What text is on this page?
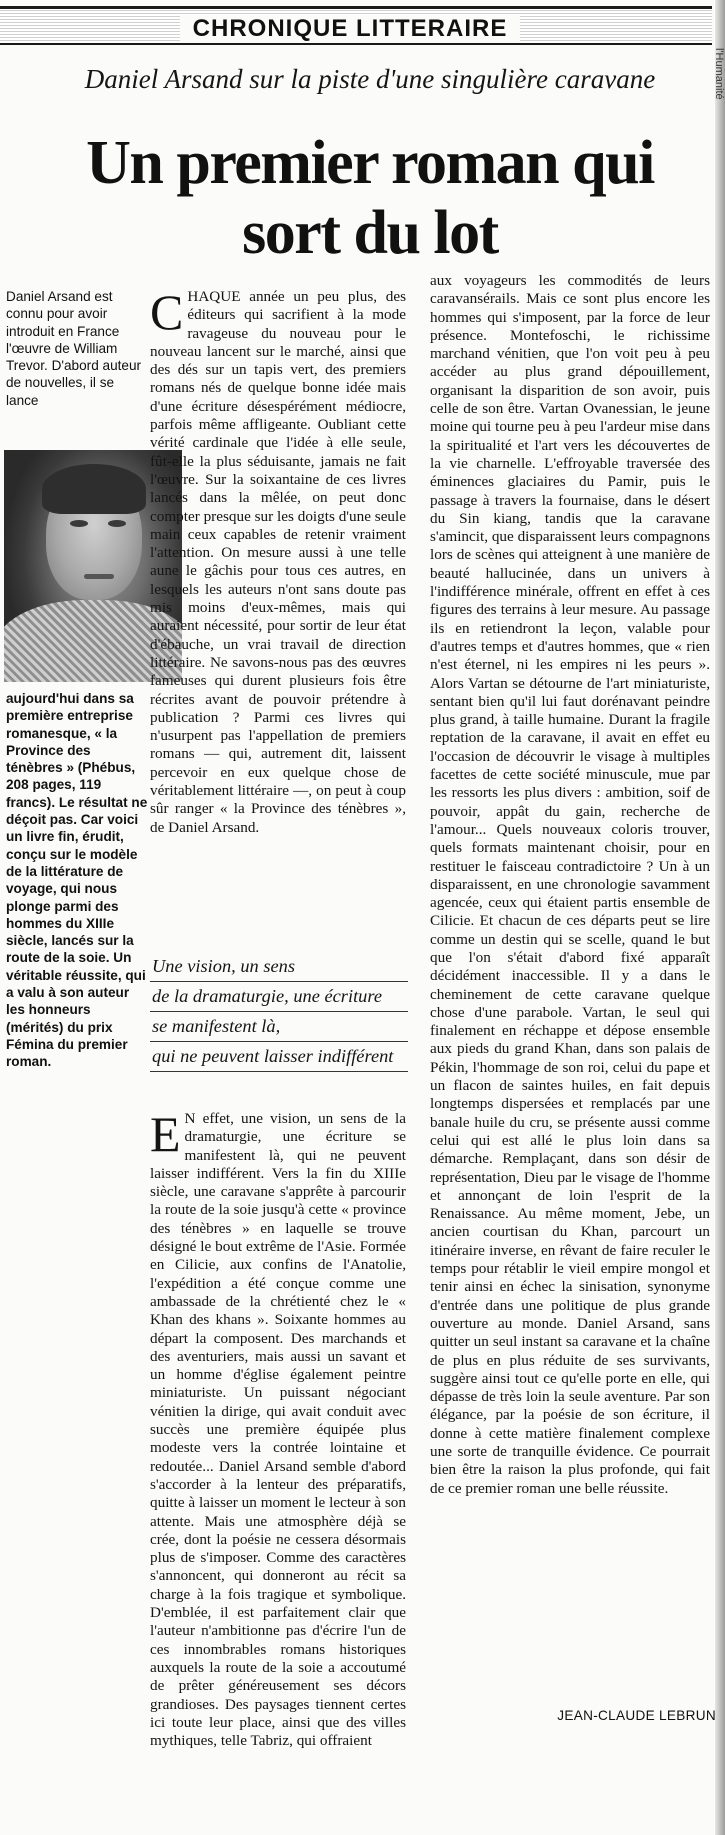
CHRONIQUE LITTERAIRE
l'Humanité
Daniel Arsand sur la piste d'une singulière caravane
Un premier roman qui sort du lot
Daniel Arsand est connu pour avoir introduit en France l'œuvre de William Trevor. D'abord auteur de nouvelles, il se lance
aujourd'hui dans sa première entreprise romanesque, « la Province des ténèbres » (Phébus, 208 pages, 119 francs). Le résultat ne déçoit pas. Car voici un livre fin, érudit, conçu sur le modèle de la littérature de voyage, qui nous plonge parmi des hommes du XIIIe siècle, lancés sur la route de la soie. Un véritable réussite, qui a valu à son auteur les honneurs (mérités) du prix Fémina du premier roman.
C HAQUE année un peu plus, des éditeurs qui sacrifient à la mode ravageuse du nouveau pour le nouveau lancent sur le marché, ainsi que des dés sur un tapis vert, des premiers romans nés de quelque bonne idée mais d'une écriture désespérément médiocre, parfois même affligeante. Oubliant cette vérité cardinale que l'idée à elle seule, fût-elle la plus séduisante, jamais ne fait l'œuvre. Sur la soixantaine de ces livres lancés dans la mêlée, on peut donc compter presque sur les doigts d'une seule main ceux capables de retenir vraiment l'attention. On mesure aussi à une telle aune le gâchis pour tous ces autres, en lesquels les auteurs n'ont sans doute pas mis moins d'eux-mêmes, mais qui auraient nécessité, pour sortir de leur état d'ébauche, un vrai travail de direction littéraire. Ne savons-nous pas des œuvres fameuses qui durent plusieurs fois être récrites avant de pouvoir prétendre à publication ? Parmi ces livres qui n'usurpent pas l'appellation de premiers romans — qui, autrement dit, laissent percevoir en eux quelque chose de véritablement littéraire —, on peut à coup sûr ranger « la Province des ténèbres », de Daniel Arsand.

Une vision, un sens
de la dramaturgie, une écriture
se manifestent là,
qui ne peuvent laisser indifférent
E N effet, une vision, un sens de la dramaturgie, une écriture se manifestent là, qui ne peuvent laisser indifférent. Vers la fin du XIIIe siècle, une caravane s'apprête à parcourir la route de la soie jusqu'à cette « province des ténèbres » en laquelle se trouve désigné le bout extrême de l'Asie. Formée en Cilicie, aux confins de l'Anatolie, l'expédition a été conçue comme une ambassade de la chrétienté chez le « Khan des khans ». Soixante hommes au départ la composent. Des marchands et des aventuriers, mais aussi un savant et un homme d'église également peintre miniaturiste. Un puissant négociant vénitien la dirige, qui avait conduit avec succès une première équipée plus modeste vers la contrée lointaine et redoutée... Daniel Arsand semble d'abord s'accorder à la lenteur des préparatifs, quitte à laisser un moment le lecteur à son attente. Mais une atmosphère déjà se crée, dont la poésie ne cessera désormais plus de s'imposer. Comme des caractères s'annoncent, qui donneront au récit sa charge à la fois tragique et symbolique. D'emblée, il est parfaitement clair que l'auteur n'ambitionne pas d'écrire l'un de ces innombrables romans historiques auxquels la route de la soie a accoutumé de prêter généreusement ses décors grandioses. Des paysages tiennent certes ici toute leur place, ainsi que des villes mythiques, telle Tabriz, qui offraient

aux voyageurs les commodités de leurs caravansérails. Mais ce sont plus encore les hommes qui s'imposent, par la force de leur présence. Montefoschi, le richissime marchand vénitien, que l'on voit peu à peu accéder au plus grand dépouillement, organisant la disparition de son avoir, puis celle de son être. Vartan Ovanessian, le jeune moine qui tourne peu à peu l'ardeur mise dans la spiritualité et l'art vers les découvertes de la vie charnelle. L'effroyable traversée des éminences glaciaires du Pamir, puis le passage à travers la fournaise, dans le désert du Sin kiang, tandis que la caravane s'amincit, que disparaissent leurs compagnons lors de scènes qui atteignent à une manière de beauté hallucinée, dans un univers à l'indifférence minérale, offrent en effet à ces figures des terrains à leur mesure. Au passage ils en retiendront la leçon, valable pour d'autres temps et d'autres hommes, que « rien n'est éternel, ni les empires ni les peurs ». Alors Vartan se détourne de l'art miniaturiste, sentant bien qu'il lui faut dorénavant peindre plus grand, à taille humaine. Durant la fragile reptation de la caravane, il avait en effet eu l'occasion de découvrir le visage à multiples facettes de cette société minuscule, mue par les ressorts les plus divers : ambition, soif de pouvoir, appât du gain, recherche de l'amour... Quels nouveaux coloris trouver, quels formats maintenant choisir, pour en restituer le faisceau contradictoire ? Un à un disparaissent, en une chronologie savamment agencée, ceux qui étaient partis ensemble de Cilicie. Et chacun de ces départs peut se lire comme un destin qui se scelle, quand le but que l'on s'était d'abord fixé apparaît décidément inaccessible. Il y a dans le cheminement de cette caravane quelque chose d'une parabole. Vartan, le seul qui finalement en réchappe et dépose ensemble aux pieds du grand Khan, dans son palais de Pékin, l'hommage de son roi, celui du pape et un flacon de saintes huiles, en fait depuis longtemps dispersées et remplacés par une banale huile du cru, se présente aussi comme celui qui est allé le plus loin dans sa démarche. Remplaçant, dans son désir de représentation, Dieu par le visage de l'homme et annonçant de loin l'esprit de la Renaissance. Au même moment, Jebe, un ancien courtisan du Khan, parcourt un itinéraire inverse, en rêvant de faire reculer le temps pour rétablir le vieil empire mongol et tenir ainsi en échec la sinisation, synonyme d'entrée dans une politique de plus grande ouverture au monde. Daniel Arsand, sans quitter un seul instant sa caravane et la chaîne de plus en plus réduite de ses survivants, suggère ainsi tout ce qu'elle porte en elle, qui dépasse de très loin la seule aventure. Par son élégance, par la poésie de son écriture, il donne à cette matière finalement complexe une sorte de tranquille évidence. Ce pourrait bien être la raison la plus profonde, qui fait de ce premier roman une belle réussite.

JEAN-CLAUDE LEBRUN
